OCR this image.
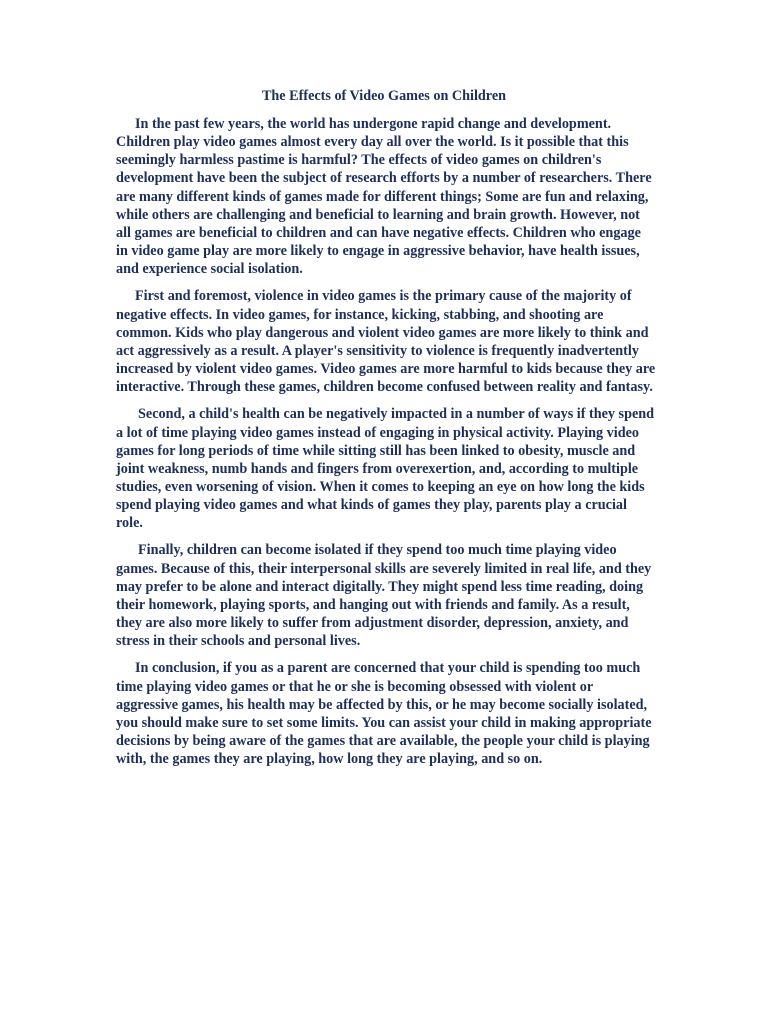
The Effects of Video Games on Children

In the past few years, the world has undergone rapid change and development. Children play video games almost every day all over the world. Is it possible that this seemingly harmless pastime is harmful? The effects of video games on children's development have been the subject of research efforts by a number of researchers. There are many different kinds of games made for different things; Some are fun and relaxing, while others are challenging and beneficial to learning and brain growth. However, not all games are beneficial to children and can have negative effects. Children who engage in video game play are more likely to engage in aggressive behavior, have health issues, and experience social isolation.

First and foremost, violence in video games is the primary cause of the majority of negative effects. In video games, for instance, kicking, stabbing, and shooting are common. Kids who play dangerous and violent video games are more likely to think and act aggressively as a result. A player's sensitivity to violence is frequently inadvertently increased by violent video games. Video games are more harmful to kids because they are interactive. Through these games, children become confused between reality and fantasy.

Second, a child's health can be negatively impacted in a number of ways if they spend a lot of time playing video games instead of engaging in physical activity. Playing video games for long periods of time while sitting still has been linked to obesity, muscle and joint weakness, numb hands and fingers from overexertion, and, according to multiple studies, even worsening of vision. When it comes to keeping an eye on how long the kids spend playing video games and what kinds of games they play, parents play a crucial role.

Finally, children can become isolated if they spend too much time playing video games. Because of this, their interpersonal skills are severely limited in real life, and they may prefer to be alone and interact digitally. They might spend less time reading, doing their homework, playing sports, and hanging out with friends and family. As a result, they are also more likely to suffer from adjustment disorder, depression, anxiety, and stress in their schools and personal lives.

In conclusion, if you as a parent are concerned that your child is spending too much time playing video games or that he or she is becoming obsessed with violent or aggressive games, his health may be affected by this, or he may become socially isolated, you should make sure to set some limits. You can assist your child in making appropriate decisions by being aware of the games that are available, the people your child is playing with, the games they are playing, how long they are playing, and so on.
